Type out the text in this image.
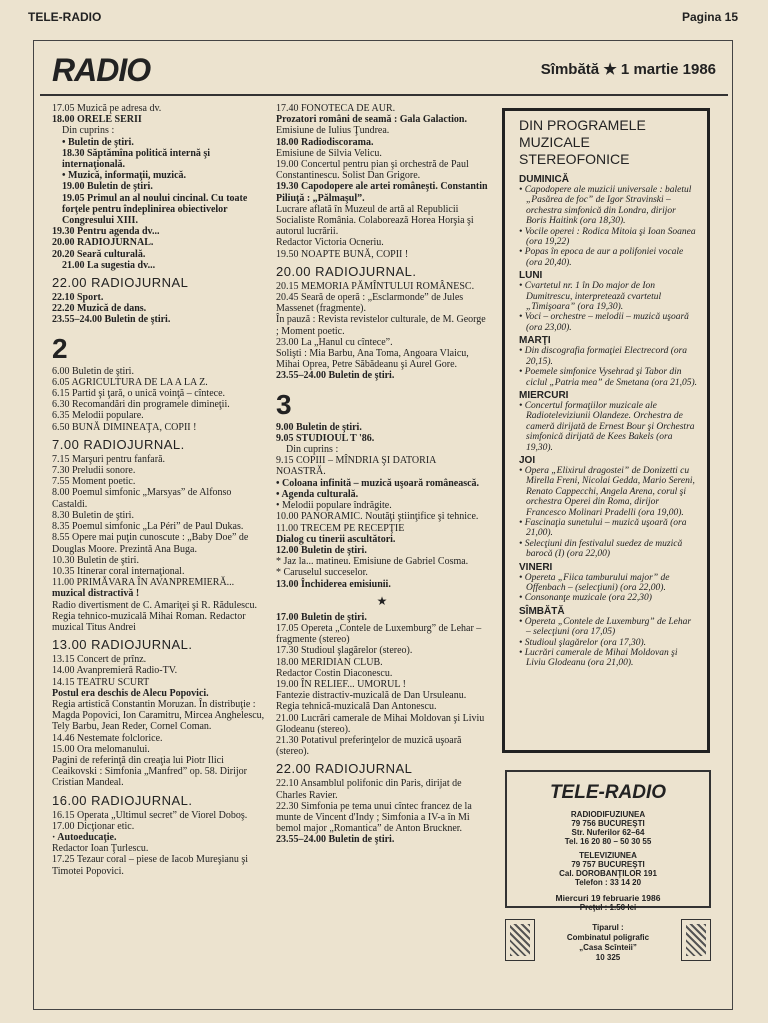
TELE-RADIO	Pagina 15
RADIO	Sîmbătă ★ 1 martie 1986

17.05 Muzică pe adresa dv.

18.00 ORELE SERII

Din cuprins :

• Buletin de ştiri.

18.30 Săptămîna politică internă şi internaţională.

• Muzică, informaţii, muzică.

19.00 Buletin de ştiri.

19.05 Primul an al noului cincinal. Cu toate forţele pentru îndeplinirea obiectivelor Congresului XIII.

19.30 Pentru agenda dv...

20.00 RADIOJURNAL.

20.20 Seară culturală.

21.00 La sugestia dv...

22.00 RADIOJURNAL

22.10 Sport.

22.20 Muzică de dans.

23.55–24.00 Buletin de ştiri.

2

6.00 Buletin de ştiri.

6.05 AGRICULTURA DE LA A LA Z.

6.15 Partid şi ţară, o unică voinţă – cîntece.

6.30 Recomandări din programele dimineţii.

6.35 Melodii populare.

6.50 BUNĂ DIMINEAŢA, COPII !

7.00 RADIOJURNAL.

7.15 Marşuri pentru fanfară.

7.30 Preludii sonore.

7.55 Moment poetic.

8.00 Poemul simfonic „Marsyas” de Alfonso Castaldi.

8.30 Buletin de ştiri.

8.35 Poemul simfonic „La Péri” de Paul Dukas.

8.55 Opere mai puţin cunoscute : „Baby Doe” de Douglas Moore. Prezintă Ana Buga.

10.30 Buletin de ştiri.

10.35 Itinerar coral internaţional.

11.00 PRIMĂVARA ÎN AVANPREMIERĂ...

muzical distractivă !

Radio divertisment de C. Amariţei şi R. Rădulescu.

Regia tehnico-muzicală Mihai Roman. Redactor muzical Titus Andrei

13.00 RADIOJURNAL.

13.15 Concert de prînz.

14.00 Avanpremieră Radio-TV.

14.15 TEATRU SCURT

Postul era deschis de Alecu Popovici.

Regia artistică Constantin Moruzan. În distribuţie : Magda Popovici, Ion Caramitru, Mircea Anghelescu, Tely Barbu, Jean Reder, Cornel Coman.

14.46 Nestemate folclorice.

15.00 Ora melomanului.

Pagini de referinţă din creaţia lui Piotr Ilici Ceaikovski : Simfonia „Manfred” op. 58. Dirijor Cristian Mandeal.

16.00 RADIOJURNAL.

16.15 Operata „Ultimul secret” de Viorel Doboş.

17.00 Dicţionar etic.

· Autoeducaţie.

Redactor Ioan Ţurlescu.

17.25 Tezaur coral – piese de Iacob Mureşianu şi Timotei Popovici.

17.40 FONOTECA DE AUR.

Prozatori români de seamă : Gala Galaction.

Emisiune de Iulius Ţundrea.

18.00 Radiodiscorama.

Emisiune de Silvia Velicu.

19.00 Concertul pentru pian şi orchestră de Paul Constantinescu. Solist Dan Grigore.

19.30 Capodopere ale artei româneşti. Constantin Piliuţă : „Pălmaşul”.

Lucrare aflată în Muzeul de artă al Republicii Socialiste România. Colaborează Horea Horşia şi autorul lucrării.

Redactor Victoria Ocneriu.

19.50 NOAPTE BUNĂ, COPII !

20.00 RADIOJURNAL.

20.15 MEMORIA PĂMÎNTULUI ROMÂNESC.

20.45 Seară de operă : „Esclarmonde” de Jules Massenet (fragmente).

În pauză : Revista revistelor culturale, de M. George ; Moment poetic.

23.00 La „Hanul cu cîntece”.

Solişti : Mia Barbu, Ana Toma, Angoara Vlaicu, Mihai Oprea, Petre Săbădeanu şi Aurel Gore.

23.55–24.00 Buletin de ştiri.

3

9.00 Buletin de ştiri.

9.05 STUDIOUL T '86.

Din cuprins :

9.15 COPIII – MÎNDRIA ŞI DATORIA NOASTRĂ.

• Coloana infinită – muzică uşoară românească.

• Agenda culturală.

• Melodii populare îndrăgite.

10.00 PANORAMIC. Noutăţi ştiinţifice şi tehnice.

11.00 TRECEM PE RECEPŢIE

Dialog cu tinerii ascultători.

12.00 Buletin de ştiri.

* Jaz la... matineu. Emisiune de Gabriel Cosma.

* Caruselul succeselor.

13.00 Închiderea emisiunii.

★

17.00 Buletin de ştiri.

17.05 Opereta „Contele de Luxemburg” de Lehar – fragmente (stereo)

17.30 Studioul şlagărelor (stereo).

18.00 MERIDIAN CLUB.

Redactor Costin Diaconescu.

19.00 ÎN RELIEF... UMORUL !

Fantezie distractiv-muzicală de Dan Ursuleanu. Regia tehnică-muzicală Dan Antonescu.

21.00 Lucrări camerale de Mihai Moldovan şi Liviu Glodeanu (stereo).

21.30 Potativul preferinţelor de muzică uşoară (stereo).

22.00 RADIOJURNAL

22.10 Ansamblul polifonic din Paris, dirijat de Charles Ravier.

22.30 Simfonia pe tema unui cîntec francez de la munte de Vincent d'Indy ; Simfonia a IV-a în Mi bemol major „Romantica” de Anton Bruckner.

23.55–24.00 Buletin de ştiri.

DIN PROGRAMELE
MUZICALE
STEREOFONICE
DUMINICĂ
• Capodopere ale muzicii universale : baletul „Pasărea de foc” de Igor Stravinski – orchestra simfonică din Londra, dirijor Boris Haitink (ora 18,30).
• Vocile operei : Rodica Mitoia şi Ioan Soanea (ora 19,22)
• Popas în epoca de aur a polifoniei vocale (ora 20,40).
LUNI
• Cvartetul nr. 1 în Do major de Ion Dumitrescu, interpretează cvartetul „Timişoara” (ora 19,30).
• Voci – orchestre – melodii – muzică uşoară (ora 23,00).
MARŢI
• Din discografia formaţiei Electrecord (ora 20,15).
• Poemele simfonice Vysehrad şi Tabor din ciclul „Patria mea” de Smetana (ora 21,05).
MIERCURI
• Concertul formaţiilor muzicale ale Radioteleviziunii Olandeze. Orchestra de cameră dirijată de Ernest Bour şi Orchestra simfonică dirijată de Kees Bakels (ora 19,30).
JOI
• Opera „Elixirul dragostei” de Donizetti cu Mirella Freni, Nicolai Gedda, Mario Sereni, Renato Cappecchi, Angela Arena, corul şi orchestra Operei din Roma, dirijor Francesco Molinari Pradelli (ora 19,00).
• Fascinaţia sunetului – muzică uşoară (ora 21,00).
• Selecţiuni din festivalul suedez de muzică barocă (I) (ora 22,00)
VINERI
• Opereta „Fiica tamburului major” de Offenbach – (selecţiuni) (ora 22,00).
• Consonanţe muzicale (ora 22,30)
SÎMBĂTĂ
• Opereta „Contele de Luxemburg” de Lehar – selecţiuni (ora 17,05)
• Studioul şlagărelor (ora 17,30).
• Lucrări camerale de Mihai Moldovan şi Liviu Glodeanu (ora 21,00).
TELE-RADIO
RADIODIFUZIUNEA
79 756 BUCUREŞTI
Str. Nuferilor 62–64
Tel. 16 20 80 – 50 30 55
TELEVIZIUNEA
79 757 BUCUREŞTI
Cal. DOROBANŢILOR 191
Telefon : 33 14 20
Miercuri 19 februarie 1986
Preţul : 1.50 lei
Tiparul :
Combinatul poligrafic
„Casa Scînteii”
10 325
